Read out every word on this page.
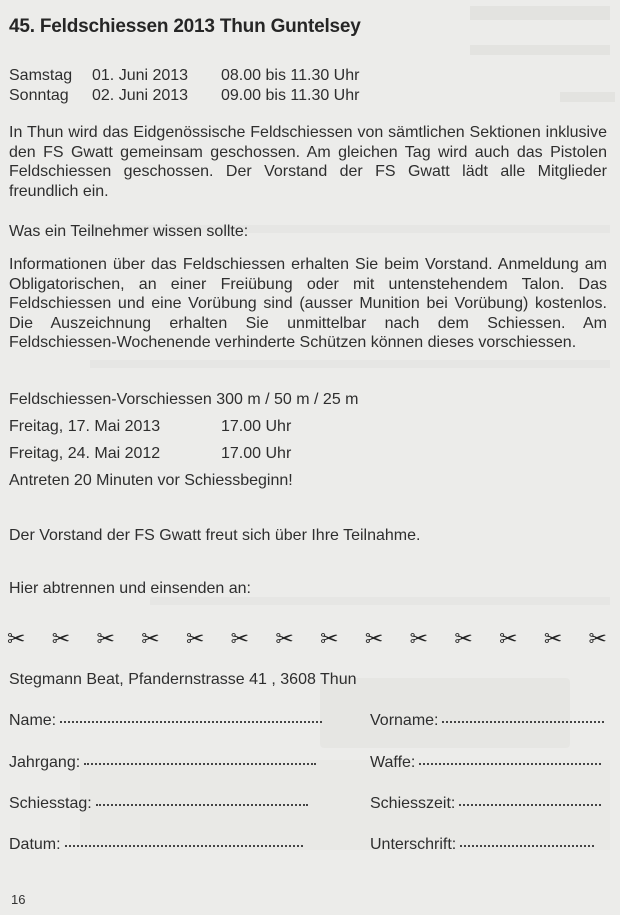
45. Feldschiessen 2013 Thun Guntelsey
Samstag 01. Juni 2013 08.00 bis 11.30 Uhr
Sonntag 02. Juni 2013 09.00 bis 11.30 Uhr

In Thun wird das Eidgenössische Feldschiessen von sämtlichen Sektionen inklusive den FS Gwatt gemeinsam geschossen. Am gleichen Tag wird auch das Pistolen Feldschiessen geschossen. Der Vorstand der FS Gwatt lädt alle Mitglieder freundlich ein.

Was ein Teilnehmer wissen sollte:

Informationen über das Feldschiessen erhalten Sie beim Vorstand. Anmeldung am Obligatorischen, an einer Freiübung oder mit untenstehendem Talon. Das Feldschiessen und eine Vorübung sind (ausser Munition bei Vorübung) kostenlos. Die Auszeichnung erhalten Sie unmittelbar nach dem Schiessen. Am Feldschiessen-Wochenende verhinderte Schützen können dieses vorschiessen.

Feldschiessen-Vorschiessen 300 m / 50 m / 25 m
Freitag, 17. Mai 2013	17.00 Uhr
Freitag, 24. Mai 2012	17.00 Uhr
Antreten 20 Minuten vor Schiessbeginn!
Der Vorstand der FS Gwatt freut sich über Ihre Teilnahme.
Hier abtrennen und einsenden an:
✂ ✂ ✂ ✂ ✂ ✂ ✂ ✂ ✂ ✂ ✂ ✂ ✂ ✂
Stegmann Beat, Pfandernstrasse 41 , 3608 Thun
Name:	Vorname:
Jahrgang:	Waffe:
Schiesstag:	Schiesszeit:
Datum:	Unterschrift:
16
